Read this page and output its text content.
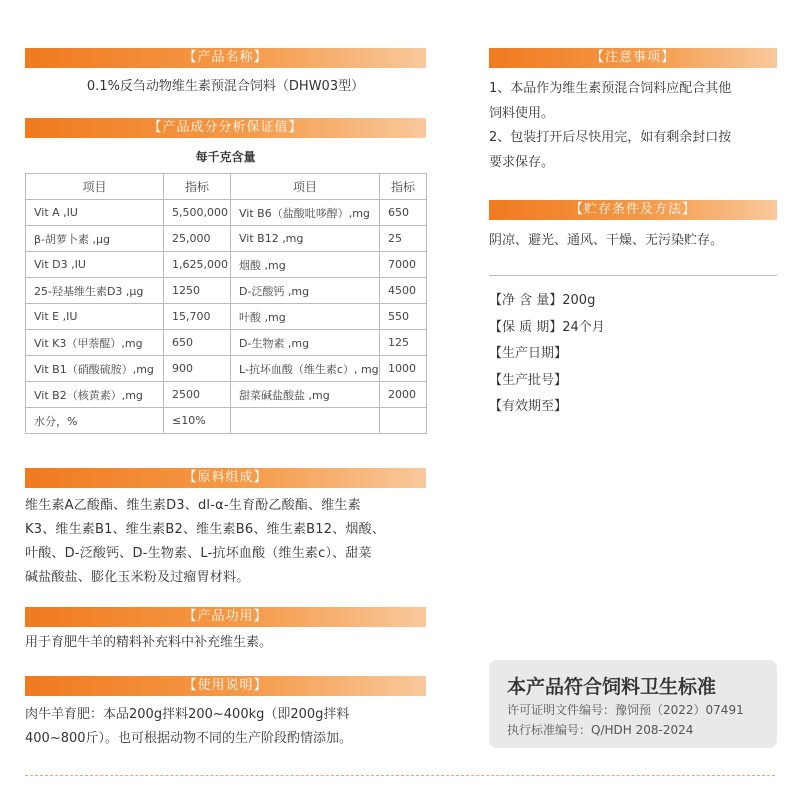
【产品名称】
0.1%反刍动物维生素预混合饲料（DHW03型）
【产品成分分析保证值】
每千克含量
项目	指标	项目	指标
Vit A ,IU	5,500,000	Vit B6（盐酸吡哆醇）,mg	650
β-胡萝卜素 ,μg	25,000	Vit B12 ,mg	25
Vit D3 ,IU	1,625,000	烟酸 ,mg	7000
25-羟基维生素D3 ,μg	1250	D-泛酸钙 ,mg	4500
Vit E ,IU	15,700	叶酸 ,mg	550
Vit K3（甲萘醌）,mg	650	D-生物素 ,mg	125
Vit B1（硝酸硫胺）,mg	900	L-抗坏血酸（维生素c）, mg	1000
Vit B2（核黄素）,mg	2500	甜菜碱盐酸盐 ,mg	2000
水分，%	≤10%		
【原料组成】
维生素A乙酸酯、维生素D3、dl-α-生育酚乙酸酯、维生素
K3、维生素B1、维生素B2、维生素B6、维生素B12、烟酸、
叶酸、D-泛酸钙、D-生物素、L-抗坏血酸（维生素c）、甜菜
碱盐酸盐、膨化玉米粉及过瘤胃材料。
【产品功用】
用于育肥牛羊的精料补充料中补充维生素。
【使用说明】
肉牛羊育肥：本品200g拌料200~400kg（即200g拌料
400~800斤）。也可根据动物不同的生产阶段酌情添加。
【注意事项】
1、本品作为维生素预混合饲料应配合其他
饲料使用。
2、包装打开后尽快用完，如有剩余封口按
要求保存。
【贮存条件及方法】
阴凉、避光、通风、干燥、无污染贮存。
【净 含 量】200g
【保 质 期】24个月
【生产日期】
【生产批号】
【有效期至】
本产品符合饲料卫生标准
许可证明文件编号：豫饲预（2022）07491
执行标准编号：Q/HDH 208-2024
